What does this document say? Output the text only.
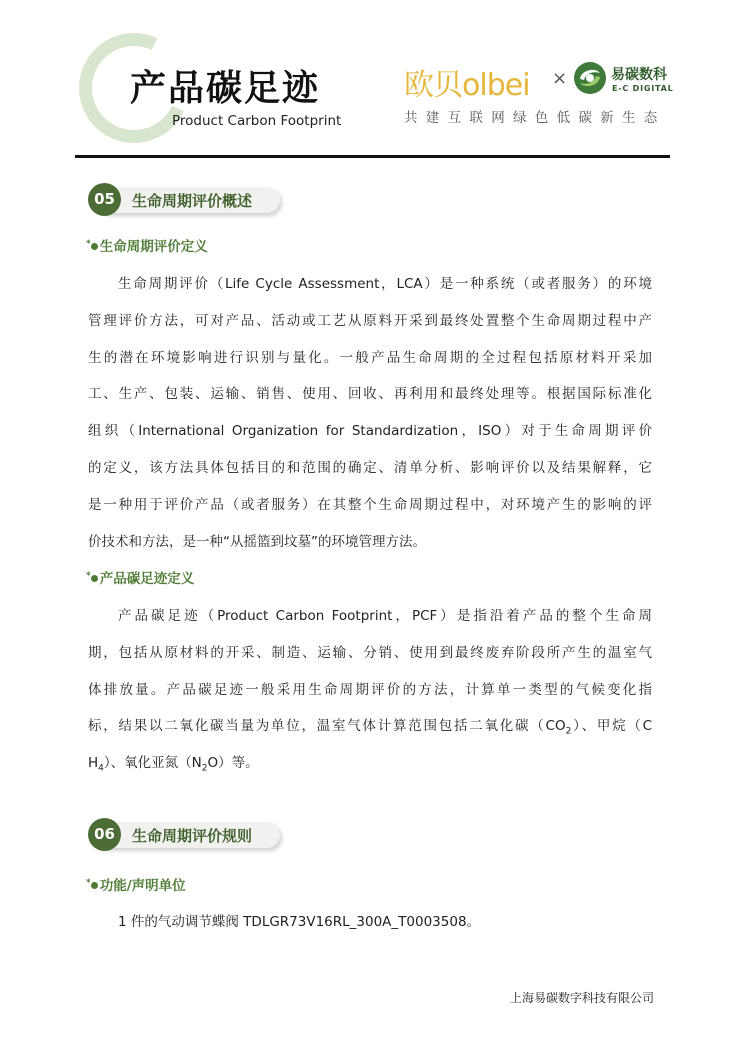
产品碳足迹
Product Carbon Footprint
欧贝olbei ×	易碳数科
E-C DIGITAL
共建互联网绿色低碳新生态
05	生命周期评价概述
* 生命周期评价定义
生命周期评价（Life Cycle Assessment，LCA）是一种系统（或者服务）的环境
管理评价方法，可对产品、活动或工艺从原料开采到最终处置整个生命周期过程中产
生的潜在环境影响进行识别与量化。一般产品生命周期的全过程包括原材料开采加
工、生产、包装、运输、销售、使用、回收、再利用和最终处理等。根据国际标准化
组织（International Organization for Standardization，ISO）对于生命周期评价
的定义，该方法具体包括目的和范围的确定、清单分析、影响评价以及结果解释，它
是一种用于评价产品（或者服务）在其整个生命周期过程中，对环境产生的影响的评
价技术和方法，是一种“从摇篮到坟墓”的环境管理方法。
* 产品碳足迹定义
产品碳足迹（Product Carbon Footprint，PCF）是指沿着产品的整个生命周
期，包括从原材料的开采、制造、运输、分销、使用到最终废弃阶段所产生的温室气
体排放量。产品碳足迹一般采用生命周期评价的方法，计算单一类型的气候变化指
标，结果以二氧化碳当量为单位，温室气体计算范围包括二氧化碳$(CO_2)$、甲烷（C
$H_4$）、氧化亚氮$(N_2O)$等。
06	生命周期评价规则
* 功能/声明单位
1 件的气动调节蝶阀 TDLGR73V16RL_300A_T0003508。
上海易碳数字科技有限公司
